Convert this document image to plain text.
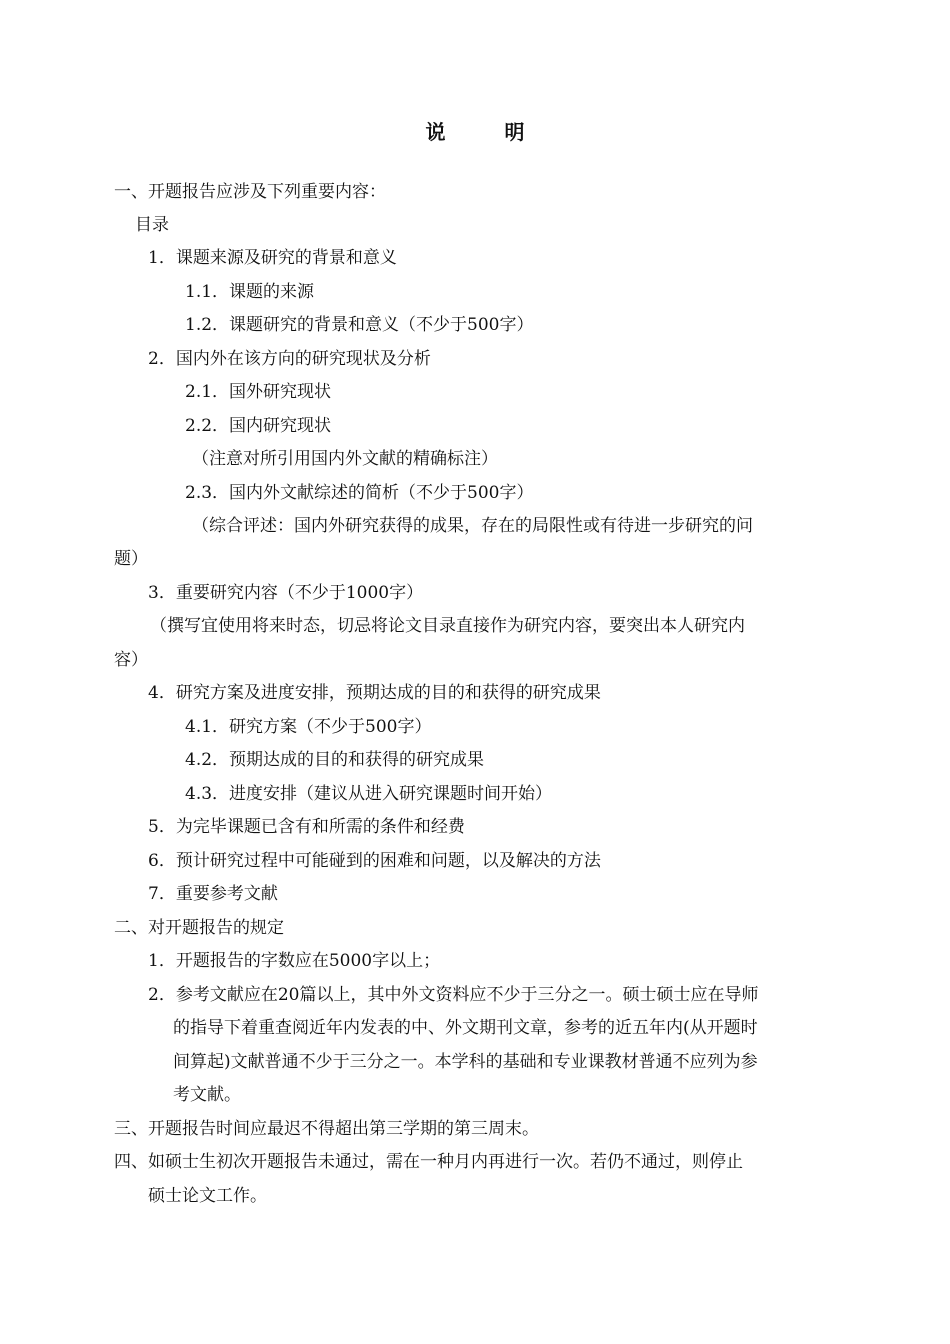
说 明
一、开题报告应涉及下列重要内容：
目录
1．课题来源及研究的背景和意义
1.1．课题的来源
1.2．课题研究的背景和意义（不少于500字）
2．国内外在该方向的研究现状及分析
2.1．国外研究现状
2.2．国内研究现状
（注意对所引用国内外文献的精确标注）
2.3．国内外文献综述的简析（不少于500字）
（综合评述：国内外研究获得的成果，存在的局限性或有待进一步研究的问
题）
3．重要研究内容（不少于1000字）
（撰写宜使用将来时态，切忌将论文目录直接作为研究内容，要突出本人研究内
容）
4．研究方案及进度安排，预期达成的目的和获得的研究成果
4.1．研究方案（不少于500字）
4.2．预期达成的目的和获得的研究成果
4.3．进度安排（建议从进入研究课题时间开始）
5．为完毕课题已含有和所需的条件和经费
6．预计研究过程中可能碰到的困难和问题，以及解决的方法
7．重要参考文献
二、对开题报告的规定
1．开题报告的字数应在5000字以上；
2．参考文献应在20篇以上，其中外文资料应不少于三分之一。硕士硕士应在导师
的指导下着重查阅近年内发表的中、外文期刊文章，参考的近五年内(从开题时
间算起)文献普通不少于三分之一。本学科的基础和专业课教材普通不应列为参
考文献。
三、开题报告时间应最迟不得超出第三学期的第三周末。
四、如硕士生初次开题报告未通过，需在一种月内再进行一次。若仍不通过，则停止
硕士论文工作。
